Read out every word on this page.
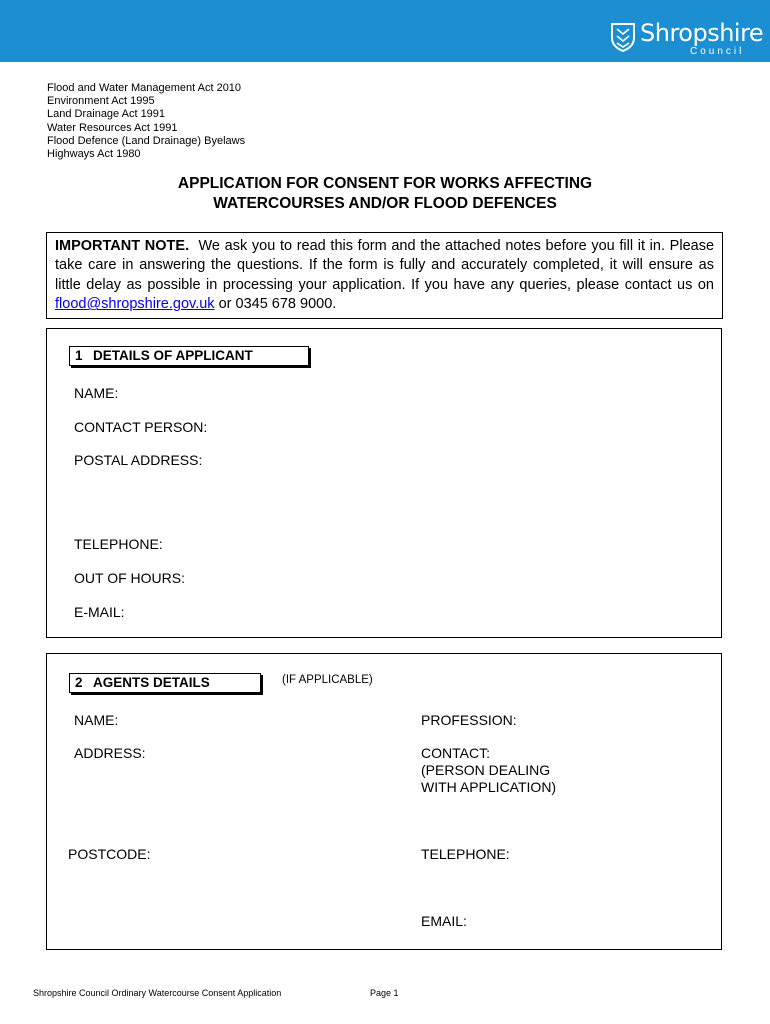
Shropshire
Council
Flood and Water Management Act 2010
Environment Act 1995
Land Drainage Act 1991
Water Resources Act 1991
Flood Defence (Land Drainage) Byelaws
Highways Act 1980
APPLICATION FOR CONSENT FOR WORKS AFFECTING
WATERCOURSES AND/OR FLOOD DEFENCES
IMPORTANT NOTE. We ask you to read this form and the attached notes before you fill it in. Please take care in answering the questions. If the form is fully and accurately completed, it will ensure as little delay as possible in processing your application. If you have any queries, please contact us on flood@shropshire.gov.uk or 0345 678 9000.
1 DETAILS OF APPLICANT
NAME:
CONTACT PERSON:
POSTAL ADDRESS:
TELEPHONE:
OUT OF HOURS:
E-MAIL:
2 AGENTS DETAILS	(IF APPLICABLE)
NAME:	PROFESSION:
ADDRESS:	CONTACT:
(PERSON DEALING
WITH APPLICATION)
POSTCODE:	TELEPHONE:
EMAIL:
Shropshire Council Ordinary Watercourse Consent Application	Page 1
